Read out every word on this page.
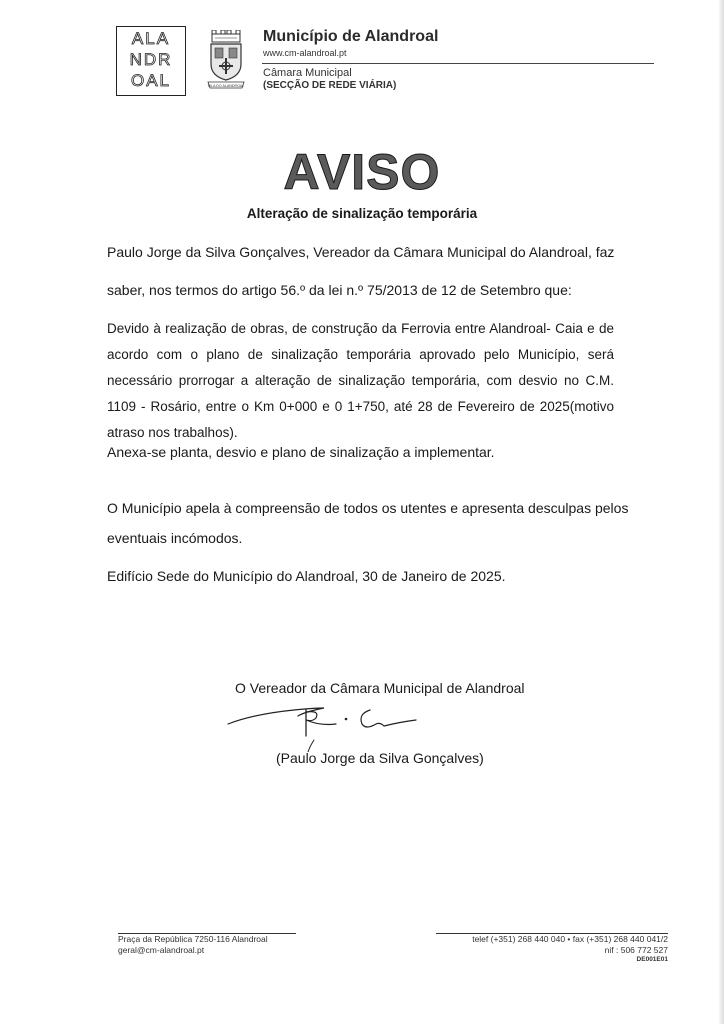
ALA
NDR
OAL	VILA DO ALANDROAL
Município de Alandroal
www.cm-alandroal.pt
Câmara Municipal
(SECÇÃO DE REDE VIÁRIA)
AVISO
Alteração de sinalização temporária
Paulo Jorge da Silva Gonçalves, Vereador da Câmara Municipal do Alandroal, faz
saber, nos termos do artigo 56.º da lei n.º 75/2013 de 12 de Setembro que:
Devido à realização de obras, de construção da Ferrovia entre Alandroal- Caia e de acordo com o plano de sinalização temporária aprovado pelo Município, será necessário prorrogar a alteração de sinalização temporária, com desvio no C.M. 1109 - Rosário, entre o Km 0+000 e 0 1+750, até 28 de Fevereiro de 2025(motivo atraso nos trabalhos).
Anexa-se planta, desvio e plano de sinalização a implementar.
O Município apela à compreensão de todos os utentes e apresenta desculpas pelos
eventuais incómodos.
Edifício Sede do Município do Alandroal, 30 de Janeiro de 2025.
O Vereador da Câmara Municipal de Alandroal
(Paulo Jorge da Silva Gonçalves)
Praça da República 7250-116 Alandroal
geral@cm-alandroal.pt
telef (+351) 268 440 040 • fax (+351) 268 440 041/2
nif : 506 772 527
DE001E01
